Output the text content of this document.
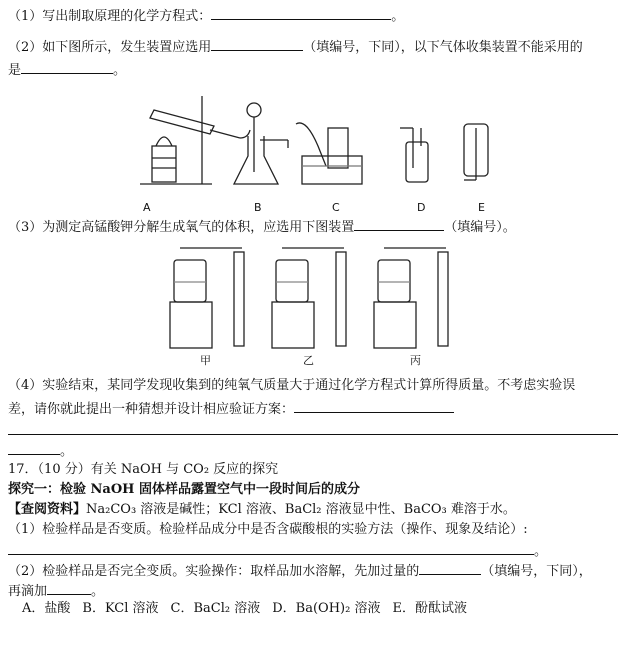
（1）写出制取原理的化学方程式：	。
（2）如下图所示，发生装置应选用	（填编号，下同），以下气体收集装置不能采用的
是	。
A	B	C	D	E
（3）为测定高锰酸钾分解生成氧气的体积，应选用下图装置	（填编号）。
甲	乙	丙
（4）实验结束，某同学发现收集到的纯氧气质量大于通过化学方程式计算所得质量。不考虑实验误
差，请你就此提出一种猜想并设计相应验证方案：
。
17．（10 分）有关 NaOH 与 CO₂ 反应的探究
探究一：检验 NaOH 固体样品露置空气中一段时间后的成分
【查阅资料】Na₂CO₃ 溶液是碱性；KCl 溶液、BaCl₂ 溶液显中性、BaCO₃ 难溶于水。
（1）检验样品是否变质。检验样品成分中是否含碳酸根的实验方法（操作、现象及结论）:
。
（2）检验样品是否完全变质。实验操作：取样品加水溶解，先加过量的	（填编号，下同），
再滴加	。
A．盐酸 B．KCl 溶液 C．BaCl₂ 溶液 D．Ba(OH)₂ 溶液 E．酚酞试液
